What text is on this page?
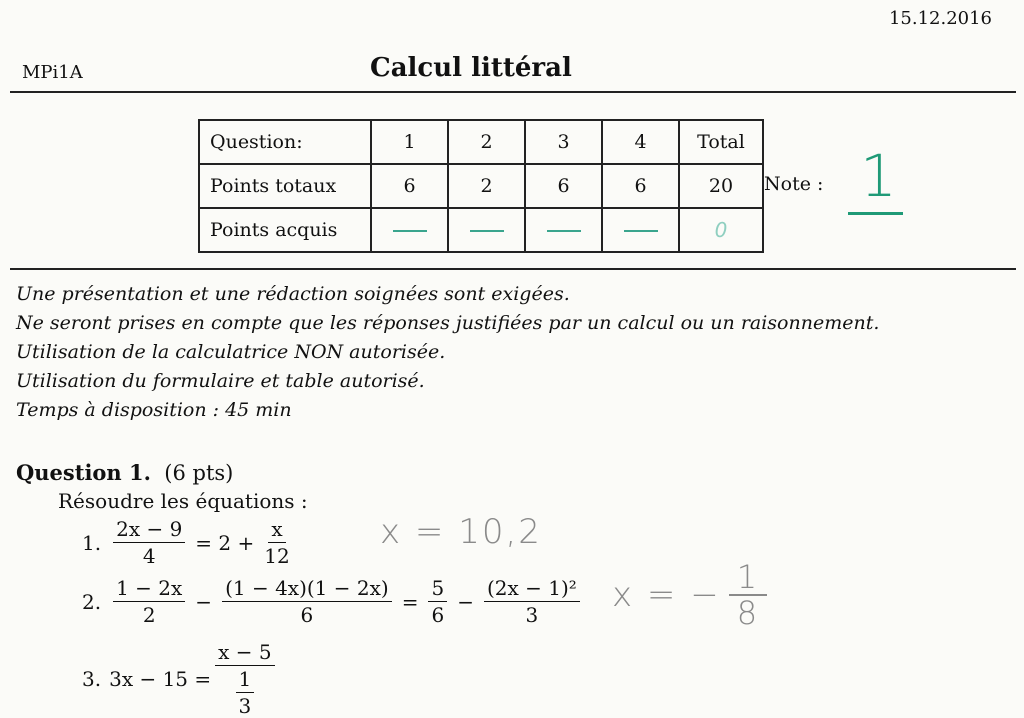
15.12.2016
MPi1A	Calcul littéral
Question:	1	2	3	4	Total
Points totaux	6	2	6	6	20
Points acquis					0
Note : 1
Une présentation et une rédaction soignées sont exigées.
Ne seront prises en compte que les réponses justifiées par un calcul ou un raisonnement.
Utilisation de la calculatrice NON autorisée.
Utilisation du formulaire et table autorisé.
Temps à disposition : 45 min
Question 1. (6 pts)
Résoudre les équations :
1. $\frac{2x - 9}{4} = 2 + \frac{x}{12}$
2. $\frac{1 - 2x}{2} - \frac{(1 - 4x)(1 - 2x)}{6} = \frac{5}{6} - \frac{\text{(2x − 1)²}}{3}$
3. $3x - 15 = \frac{x - 5}{\frac{1}{3}}$
x = 10,2
x = − $\frac{1}{8}$
